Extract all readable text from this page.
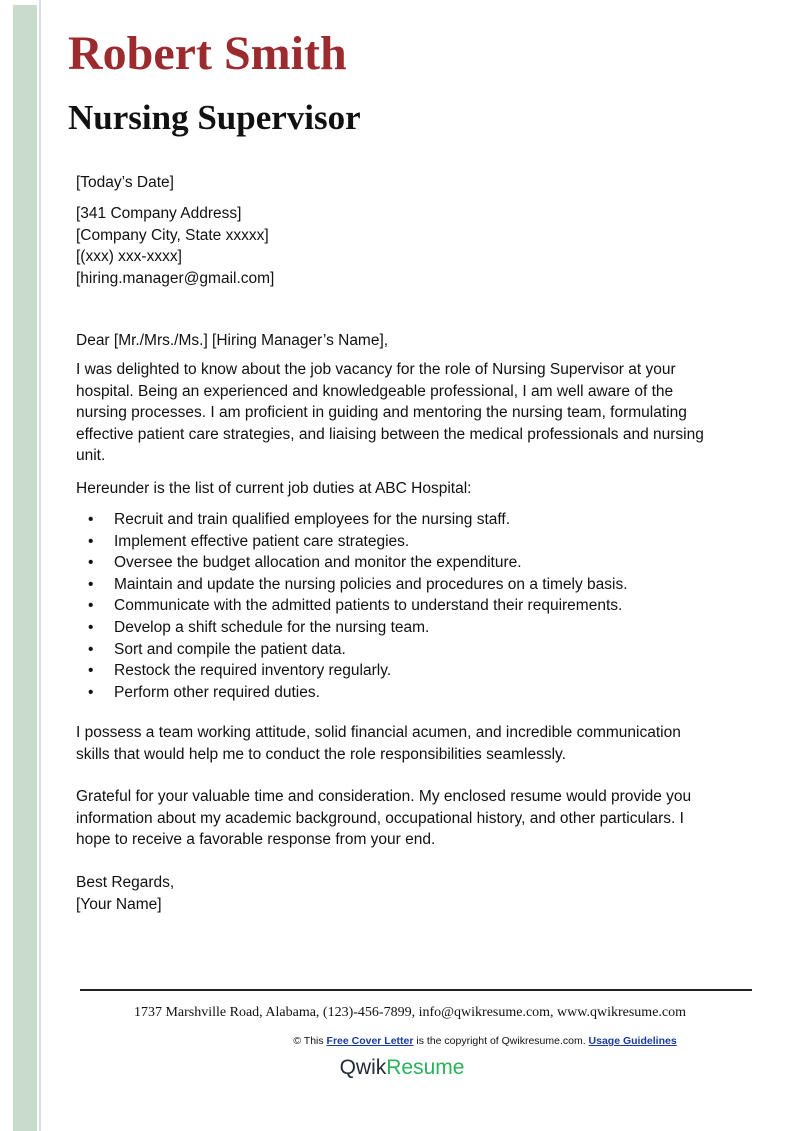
Robert Smith
Nursing Supervisor
[Today’s Date]
[341 Company Address]
[Company City, State xxxxx]
[(xxx) xxx-xxxx]
[hiring.manager@gmail.com]
Dear [Mr./Mrs./Ms.] [Hiring Manager’s Name],
I was delighted to know about the job vacancy for the role of Nursing Supervisor at your
hospital. Being an experienced and knowledgeable professional, I am well aware of the
nursing processes. I am proficient in guiding and mentoring the nursing team, formulating
effective patient care strategies, and liaising between the medical professionals and nursing
unit.
Hereunder is the list of current job duties at ABC Hospital:
• Recruit and train qualified employees for the nursing staff.
• Implement effective patient care strategies.
• Oversee the budget allocation and monitor the expenditure.
• Maintain and update the nursing policies and procedures on a timely basis.
• Communicate with the admitted patients to understand their requirements.
• Develop a shift schedule for the nursing team.
• Sort and compile the patient data.
• Restock the required inventory regularly.
• Perform other required duties.
I possess a team working attitude, solid financial acumen, and incredible communication
skills that would help me to conduct the role responsibilities seamlessly.
Grateful for your valuable time and consideration. My enclosed resume would provide you
information about my academic background, occupational history, and other particulars. I
hope to receive a favorable response from your end.
Best Regards,
[Your Name]
1737 Marshville Road, Alabama, (123)-456-7899, info@qwikresume.com, www.qwikresume.com
© This Free Cover Letter is the copyright of Qwikresume.com. Usage Guidelines
QwikResume
